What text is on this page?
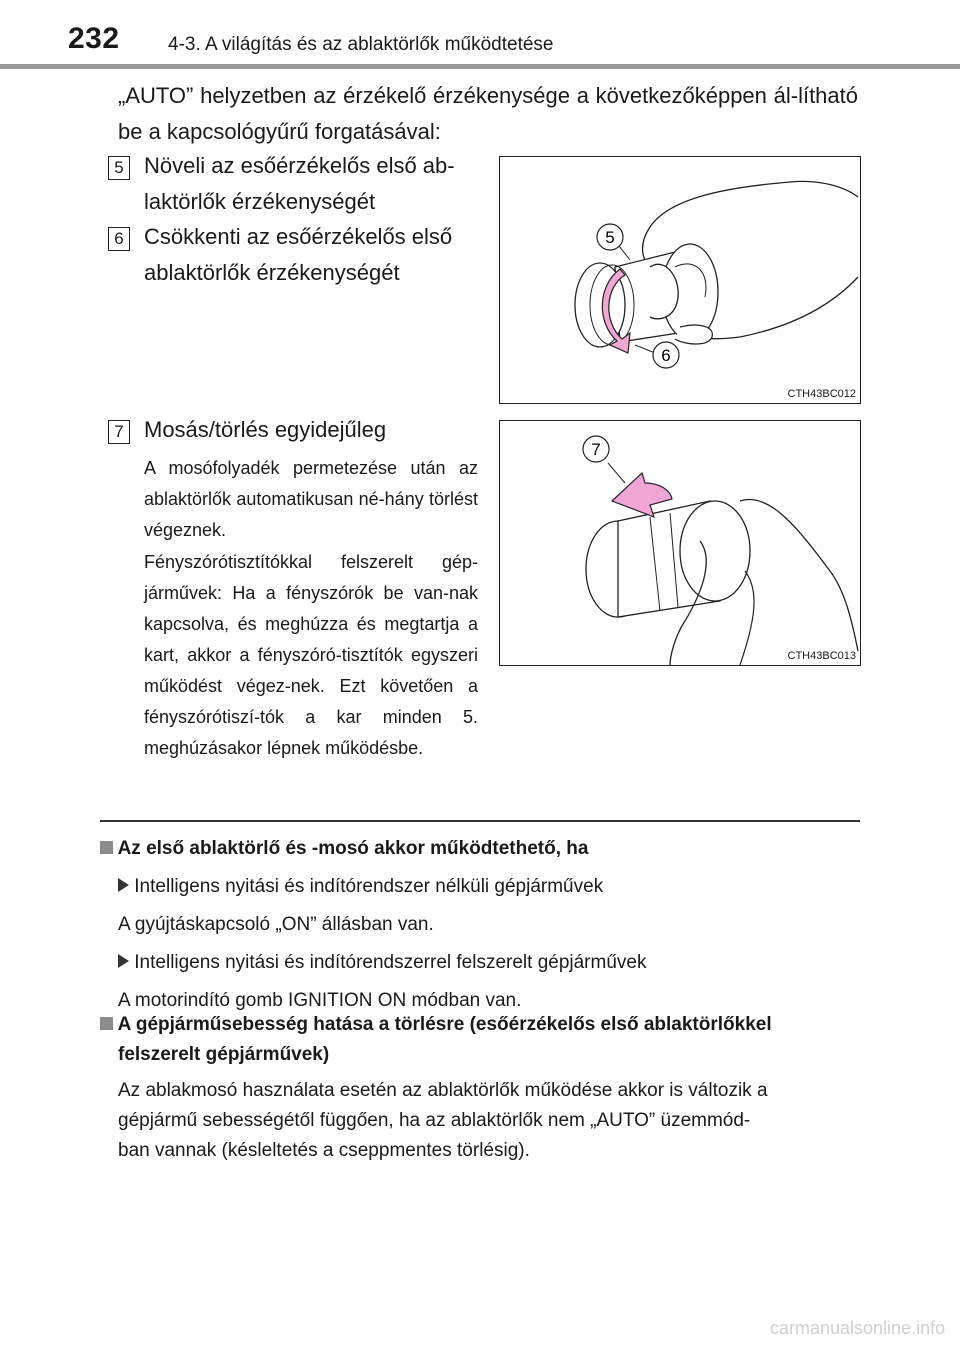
232	4-3. A világítás és az ablaktörlők működtetése
„AUTO” helyzetben az érzékelő érzékenysége a következőképpen ál-lítható be a kapcsológyűrű forgatásával:
5 Növeli az esőérzékelős első ab-
laktörlők érzékenységét
6 Csökkenti az esőérzékelős első
ablaktörlők érzékenységét
5
6
CTH43BC012
7 Mosás/törlés egyidejűleg
A mosófolyadék permetezése után az ablaktörlők automatikusan né-hány törlést végeznek.
Fényszórótisztítókkal felszerelt gép-járművek: Ha a fényszórók be van-nak kapcsolva, és meghúzza és megtartja a kart, akkor a fényszóró-tisztítók egyszeri működést végez-nek. Ezt követően a fényszórótiszí-tók a kar minden 5. meghúzásakor lépnek működésbe.
7
CTH43BC013
Az első ablaktörlő és -mosó akkor működtethető, ha
Intelligens nyitási és indítórendszer nélküli gépjárművek
A gyújtáskapcsoló „ON” állásban van.
Intelligens nyitási és indítórendszerrel felszerelt gépjárművek
A motorindító gomb IGNITION ON módban van.
A gépjárműsebesség hatása a törlésre (esőérzékelős első ablaktörlőkkel
felszerelt gépjárművek)
Az ablakmosó használata esetén az ablaktörlők működése akkor is változik a
gépjármű sebességétől függően, ha az ablaktörlők nem „AUTO” üzemmód-
ban vannak (késleltetés a cseppmentes törlésig).
carmanualsonline.info
